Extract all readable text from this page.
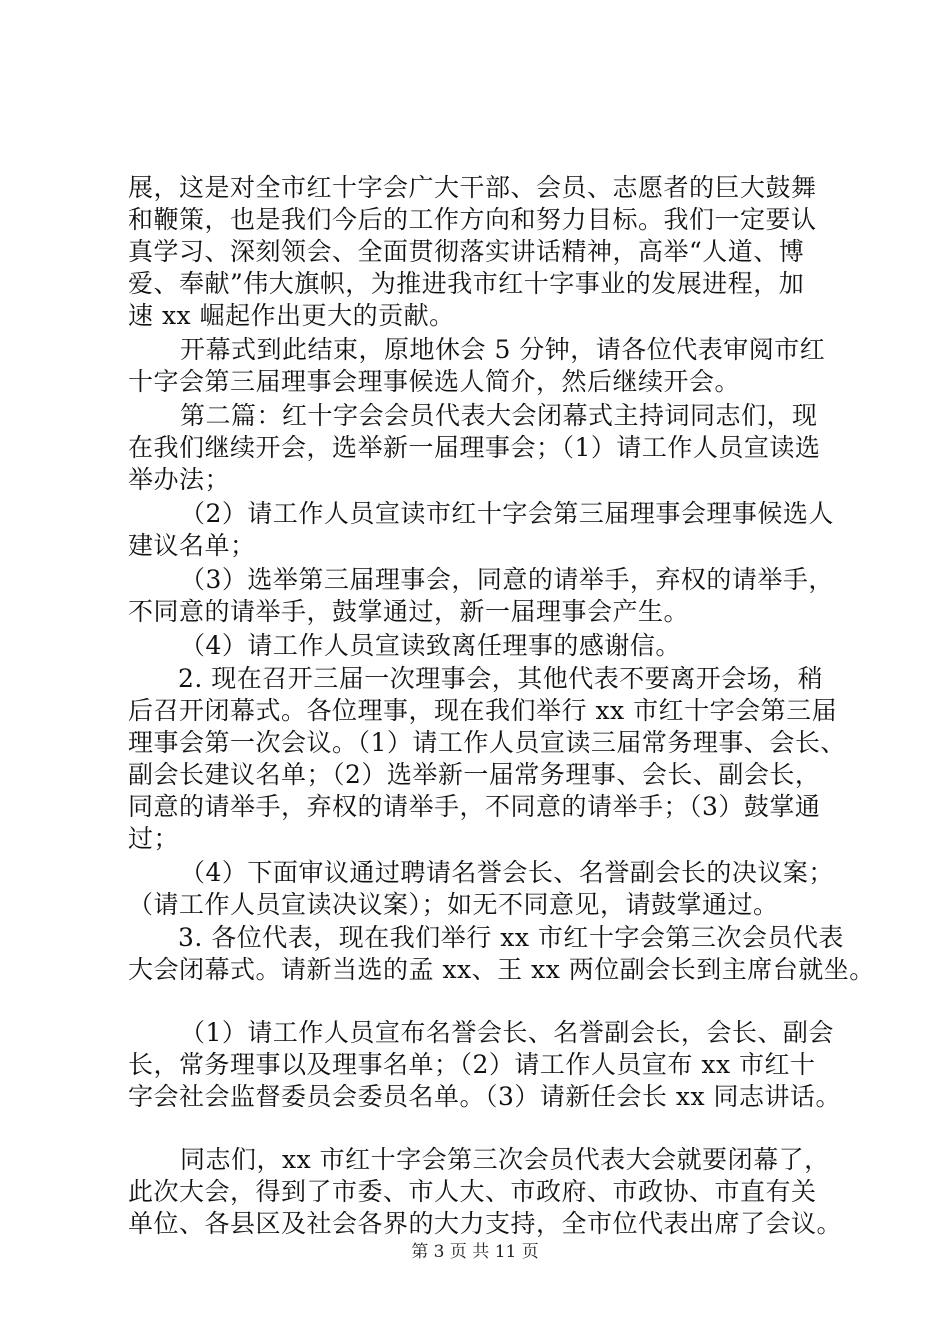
展，这是对全市红十字会广大干部、会员、志愿者的巨大鼓舞
和鞭策，也是我们今后的工作方向和努力目标。我们一定要认
真学习、深刻领会、全面贯彻落实讲话精神，高举“人道、博
爱、奉献”伟大旗帜，为推进我市红十字事业的发展进程，加
速 xx 崛起作出更大的贡献。
开幕式到此结束，原地休会 5 分钟，请各位代表审阅市红
十字会第三届理事会理事候选人简介，然后继续开会。
第二篇：红十字会会员代表大会闭幕式主持词同志们，现
在我们继续开会，选举新一届理事会；（1）请工作人员宣读选
举办法；
（2）请工作人员宣读市红十字会第三届理事会理事候选人
建议名单；
（3）选举第三届理事会，同意的请举手，弃权的请举手，
不同意的请举手，鼓掌通过，新一届理事会产生。
（4）请工作人员宣读致离任理事的感谢信。
2. 现在召开三届一次理事会，其他代表不要离开会场，稍
后召开闭幕式。各位理事，现在我们举行 xx 市红十字会第三届
理事会第一次会议。（1）请工作人员宣读三届常务理事、会长、
副会长建议名单；（2）选举新一届常务理事、会长、副会长，
同意的请举手，弃权的请举手，不同意的请举手；（3）鼓掌通
过；
（4）下面审议通过聘请名誉会长、名誉副会长的决议案；
（请工作人员宣读决议案）；如无不同意见，请鼓掌通过。
3. 各位代表，现在我们举行 xx 市红十字会第三次会员代表
大会闭幕式。请新当选的孟 xx、王 xx 两位副会长到主席台就坐。
（1）请工作人员宣布名誉会长、名誉副会长，会长、副会
长，常务理事以及理事名单；（2）请工作人员宣布 xx 市红十
字会社会监督委员会委员名单。（3）请新任会长 xx 同志讲话。
同志们，xx 市红十字会第三次会员代表大会就要闭幕了，
此次大会，得到了市委、市人大、市政府、市政协、市直有关
单位、各县区及社会各界的大力支持，全市位代表出席了会议。
第 3 页 共 11 页
